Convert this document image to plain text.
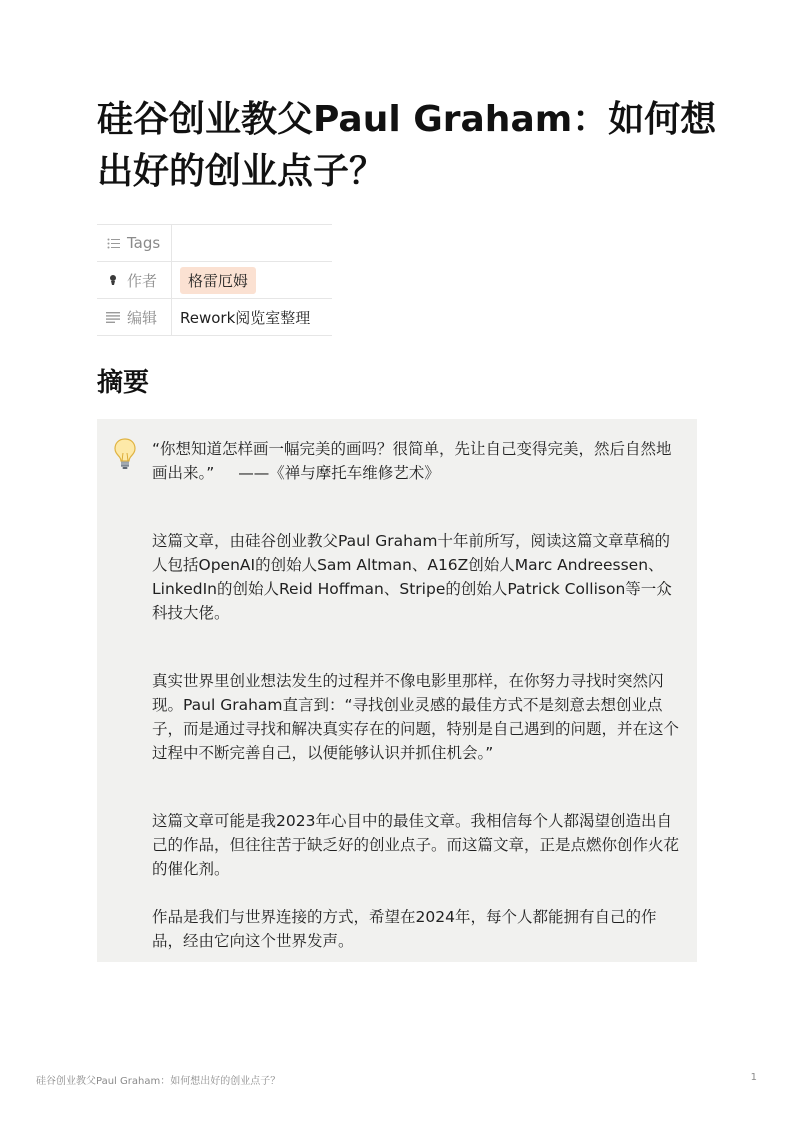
硅谷创业教父Paul Graham：如何想出好的创业点子？
Tags	

作者	格雷厄姆

编辑	Rework阅览室整理
摘要

“你想知道怎样画一幅完美的画吗？很简单，先让自己变得完美，然后自然地画出来。” ——《禅与摩托车维修艺术》

这篇文章，由硅谷创业教父Paul Graham十年前所写，阅读这篇文章草稿的人包括OpenAI的创始人Sam Altman、A16Z创始人Marc Andreessen、LinkedIn的创始人Reid Hoffman、Stripe的创始人Patrick Collison等一众科技大佬。

真实世界里创业想法发生的过程并不像电影里那样，在你努力寻找时突然闪现。Paul Graham直言到：“寻找创业灵感的最佳方式不是刻意去想创业点子，而是通过寻找和解决真实存在的问题，特别是自己遇到的问题，并在这个过程中不断完善自己，以便能够认识并抓住机会。”

这篇文章可能是我2023年心目中的最佳文章。我相信每个人都渴望创造出自己的作品，但往往苦于缺乏好的创业点子。而这篇文章，正是点燃你创作火花的催化剂。

作品是我们与世界连接的方式，希望在2024年，每个人都能拥有自己的作品，经由它向这个世界发声。

硅谷创业教父Paul Graham：如何想出好的创业点子？	1
